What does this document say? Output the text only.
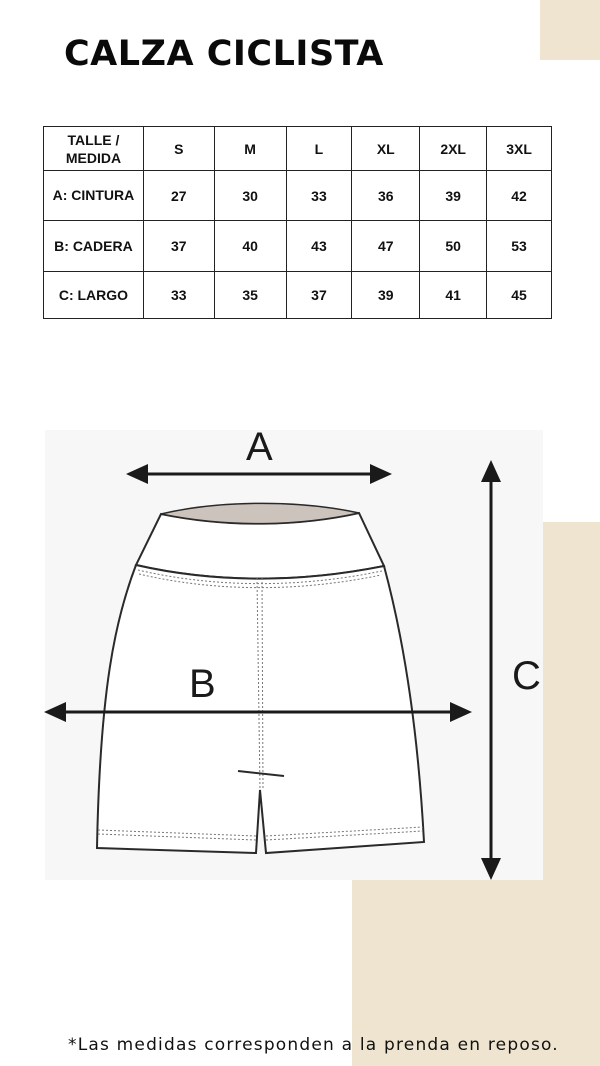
CALZA CICLISTA
TALLE /
MEDIDA	S	M	L	XL	2XL	3XL
A: CINTURA	27	30	33	36	39	42
B: CADERA	37	40	43	47	50	53
C: LARGO	33	35	37	39	41	45
A
B	C

*Las medidas corresponden a la prenda en reposo.
